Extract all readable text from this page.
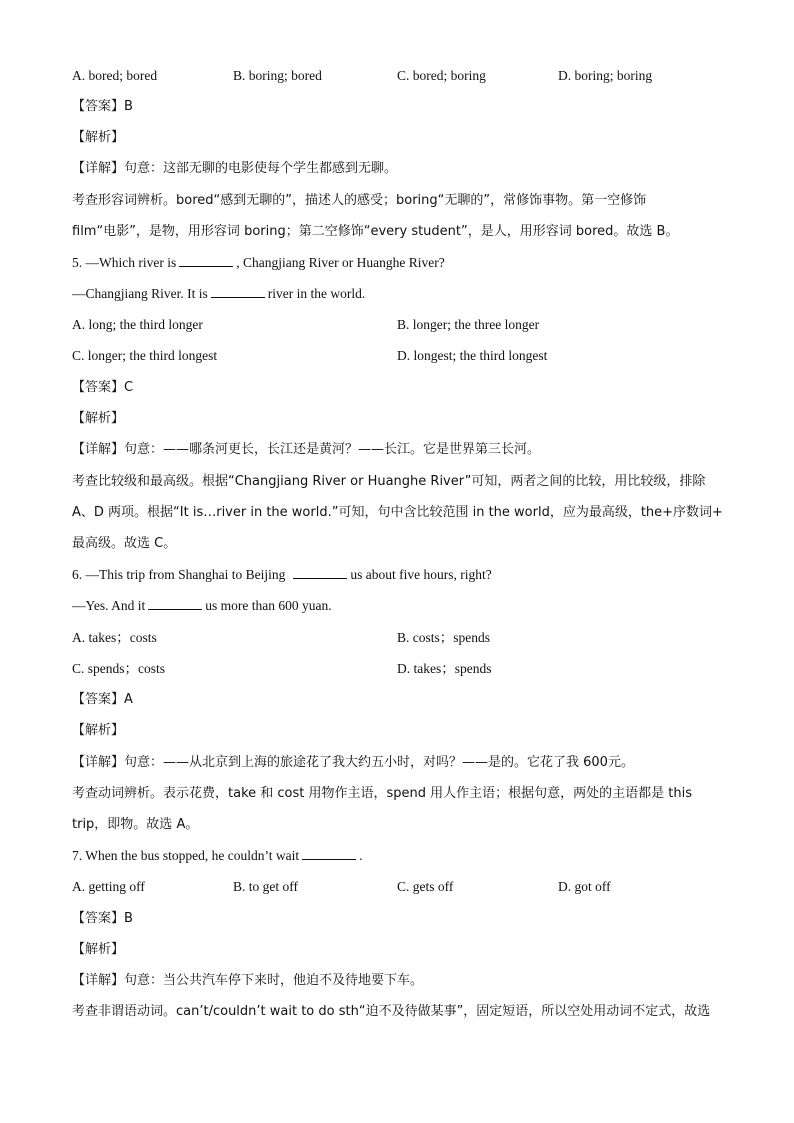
A. bored; bored	B. boring; bored	C. bored; boring	D. boring; boring
【答案】B
【解析】
【详解】句意：这部无聊的电影使每个学生都感到无聊。
考查形容词辨析。bored“感到无聊的”，描述人的感受；boring“无聊的”，常修饰事物。第一空修饰
film“电影”，是物，用形容词 boring；第二空修饰“every student”，是人，用形容词 bored。故选 B。
5. —Which river is	, Changjiang River or Huanghe River?
—Changjiang River. It is	river in the world.
A. long; the third longer	B. longer; the three longer
C. longer; the third longest	D. longest; the third longest
【答案】C
【解析】
【详解】句意：——哪条河更长，长江还是黄河？——长江。它是世界第三长河。
考查比较级和最高级。根据“Changjiang River or Huanghe River”可知，两者之间的比较，用比较级，排除
A、D 两项。根据“It is…river in the world.”可知，句中含比较范围 in the world，应为最高级，the+序数词+
最高级。故选 C。
6. —This trip from Shanghai to Beijing	us about five hours, right?
—Yes. And it	us more than 600 yuan.
A. takes；costs	B. costs；spends
C. spends；costs	D. takes；spends
【答案】A
【解析】
【详解】句意：——从北京到上海的旅途花了我大约五小时，对吗？——是的。它花了我 600元。
考查动词辨析。表示花费，take 和 cost 用物作主语，spend 用人作主语；根据句意，两处的主语都是 this
trip，即物。故选 A。
7. When the bus stopped, he couldn’t wait	.
A. getting off	B. to get off	C. gets off	D. got off
【答案】B
【解析】
【详解】句意：当公共汽车停下来时，他迫不及待地要下车。
考查非谓语动词。can’t/couldn’t wait to do sth“迫不及待做某事”，固定短语，所以空处用动词不定式，故选
